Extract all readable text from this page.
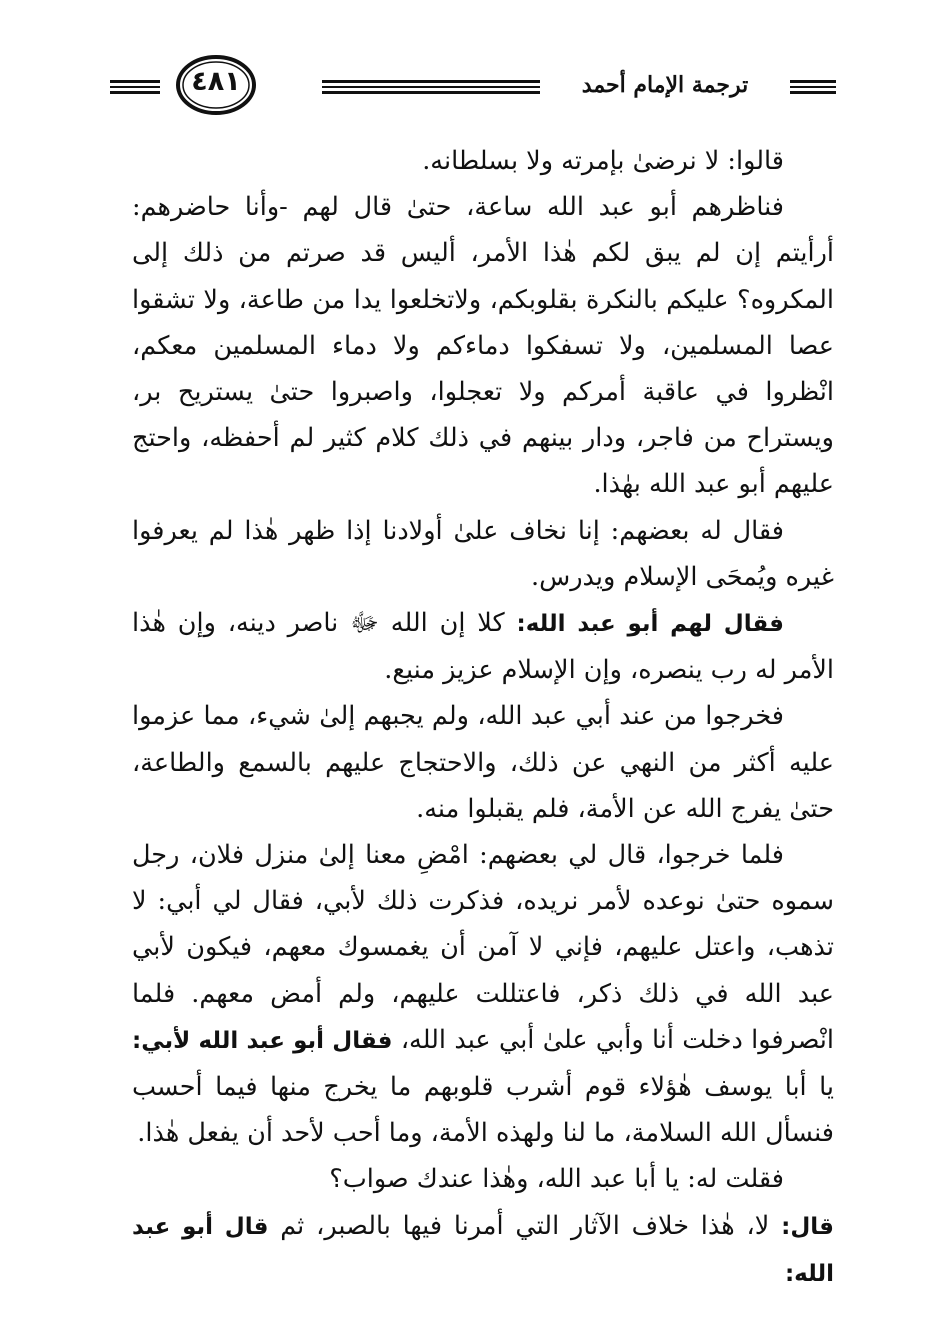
٤٨١	ترجمة الإمام أحمد

قالوا: لا نرضىٰ بإمرته ولا بسلطانه.

فناظرهم أبو عبد الله ساعة، حتىٰ قال لهم -وأنا حاضرهم: أرأيتم إن لم يبق لكم هٰذا الأمر، أليس قد صرتم من ذلك إلى المكروه؟ عليكم بالنكرة بقلوبكم، ولاتخلعوا يدا من طاعة، ولا تشقوا عصا المسلمين، ولا تسفكوا دماءكم ولا دماء المسلمين معكم، انْظروا في عاقبة أمركم ولا تعجلوا، واصبروا حتىٰ يستريح بر، ويستراح من فاجر، ودار بينهم في ذلك كلام كثير لم أحفظه، واحتج عليهم أبو عبد الله بهٰذا.

فقال له بعضهم: إنا نخاف علىٰ أولادنا إذا ظهر هٰذا لم يعرفوا غيره ويُمحَى الإسلام ويدرس.

فقال لهم أبو عبد الله: كلا إن الله ﷻ ناصر دينه، وإن هٰذا الأمر له رب ينصره، وإن الإسلام عزيز منيع.

فخرجوا من عند أبي عبد الله، ولم يجبهم إلىٰ شيء، مما عزموا عليه أكثر من النهي عن ذلك، والاحتجاج عليهم بالسمع والطاعة، حتىٰ يفرج الله عن الأمة، فلم يقبلوا منه.

فلما خرجوا، قال لي بعضهم: امْضِ معنا إلىٰ منزل فلان، رجل سموه حتىٰ نوعده لأمر نريده، فذكرت ذلك لأبي، فقال لي أبي: لا تذهب، واعتل عليهم، فإني لا آمن أن يغمسوك معهم، فيكون لأبي عبد الله في ذلك ذكر، فاعتللت عليهم، ولم أمض معهم. فلما انْصرفوا دخلت أنا وأبي علىٰ أبي عبد الله، فقال أبو عبد الله لأبي: يا أبا يوسف هٰؤلاء قوم أشرب قلوبهم ما يخرج منها فيما أحسب فنسأل الله السلامة، ما لنا ولهذه الأمة، وما أحب لأحد أن يفعل هٰذا.

فقلت له: يا أبا عبد الله، وهٰذا عندك صواب؟

قال: لا، هٰذا خلاف الآثار التي أمرنا فيها بالصبر، ثم قال أبو عبد الله:
